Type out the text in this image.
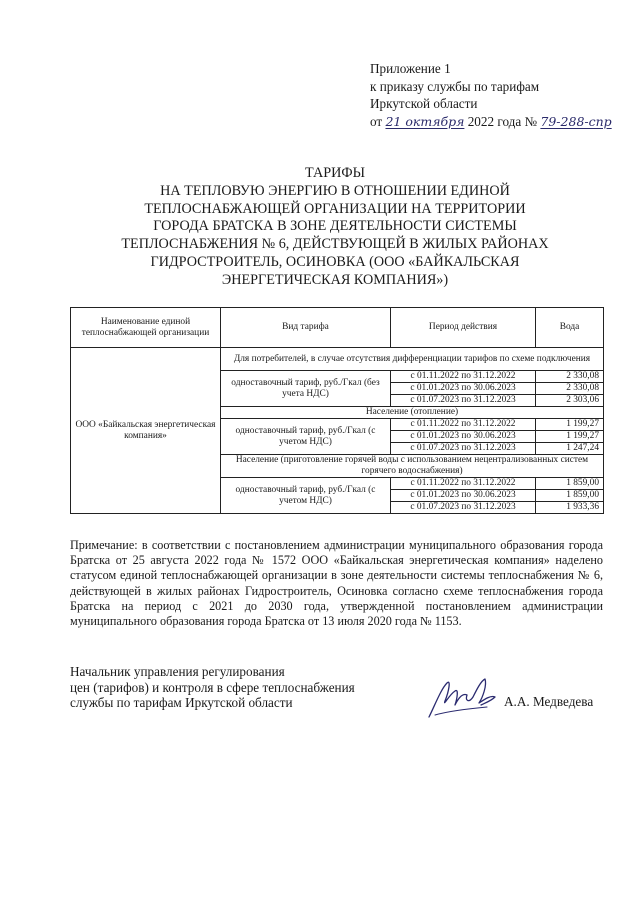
Приложение 1
к приказу службы по тарифам
Иркутской области
от 21 октября 2022 года № 79-288-спр
ТАРИФЫ
НА ТЕПЛОВУЮ ЭНЕРГИЮ В ОТНОШЕНИИ ЕДИНОЙ
ТЕПЛОСНАБЖАЮЩЕЙ ОРГАНИЗАЦИИ НА ТЕРРИТОРИИ
ГОРОДА БРАТСКА В ЗОНЕ ДЕЯТЕЛЬНОСТИ СИСТЕМЫ
ТЕПЛОСНАБЖЕНИЯ № 6, ДЕЙСТВУЮЩЕЙ В ЖИЛЫХ РАЙОНАХ
ГИДРОСТРОИТЕЛЬ, ОСИНОВКА (ООО «БАЙКАЛЬСКАЯ
ЭНЕРГЕТИЧЕСКАЯ КОМПАНИЯ»)
Наименование единой теплоснабжающей организации	Вид тарифа	Период действия	Вода
ООО «Байкальская энергетическая компания»	Для потребителей, в случае отсутствия дифференциации тарифов по схеме подключения		
	одноставочный тариф, руб./Гкал (без учета НДС)	с 01.11.2022 по 31.12.2022	2 330,08
		с 01.01.2023 по 30.06.2023	2 330,08
		с 01.07.2023 по 31.12.2023	2 303,06
	Население (отопление)		
	одноставочный тариф, руб./Гкал (с учетом НДС)	с 01.11.2022 по 31.12.2022	1 199,27
		с 01.01.2023 по 30.06.2023	1 199,27
		с 01.07.2023 по 31.12.2023	1 247,24
	Население (приготовление горячей воды с использованием нецентрализованных систем горячего водоснабжения)		
	одноставочный тариф, руб./Гкал (с учетом НДС)	с 01.11.2022 по 31.12.2022	1 859,00
		с 01.01.2023 по 30.06.2023	1 859,00
		с 01.07.2023 по 31.12.2023	1 933,36

Примечание: в соответствии с постановлением администрации муниципального образования города Братска от 25 августа 2022 года № 1572 ООО «Байкальская энергетическая компания» наделено статусом единой теплоснабжающей организации в зоне деятельности системы теплоснабжения № 6, действующей в жилых районах Гидростроитель, Осиновка согласно схеме теплоснабжения города Братска на период с 2021 до 2030 года, утвержденной постановлением администрации муниципального образования города Братска от 13 июля 2020 года № 1153.

Начальник управления регулирования
цен (тарифов) и контроля в сфере теплоснабжения
службы по тарифам Иркутской области	А.А. Медведева
